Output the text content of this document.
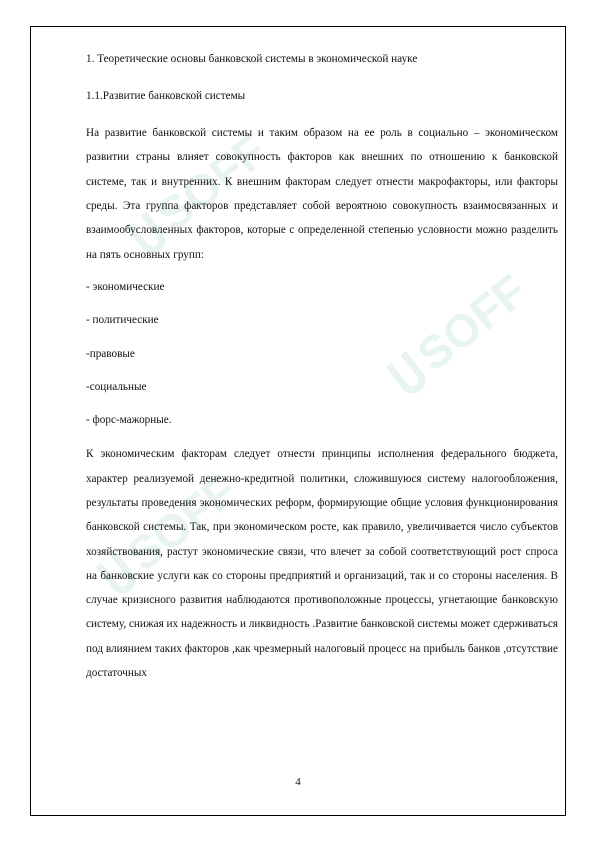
SOFF
SOFF
SOFF
1. Теоретические основы банковской системы в экономической науке
1.1.Развитие банковской системы

На развитие банковской системы и таким образом на ее роль в социально – экономическом развитии страны влияет совокупность факторов как внешних по отношению к банковской системе, так и внутренних. К внешним факторам следует отнести макрофакторы, или факторы среды. Эта группа факторов представляет собой вероятною совокупность взаимосвязанных и взаимообусловленных факторов, которые с определенной степенью условности можно разделить на пять основных групп:

- экономические
- политические
-правовые
-социальные
- форс-мажорные.

К экономическим факторам следует отнести принципы исполнения федерального бюджета, характер реализуемой денежно-кредитной политики, сложившуюся систему налогообложения, результаты проведения экономических реформ, формирующие общие условия функционирования банковской системы. Так, при экономическом росте, как правило, увеличивается число субъектов хозяйствования, растут экономические связи, что влечет за собой соответствующий рост спроса на банковские услуги как со стороны предприятий и организаций, так и со стороны населения. В случае кризисного развития наблюдаются противоположные процессы, угнетающие банковскую систему, снижая их надежность и ликвидность .Развитие банковской системы может сдерживаться под влиянием таких факторов ,как чрезмерный налоговый процесс на прибыль банков ,отсутствие достаточных

4
